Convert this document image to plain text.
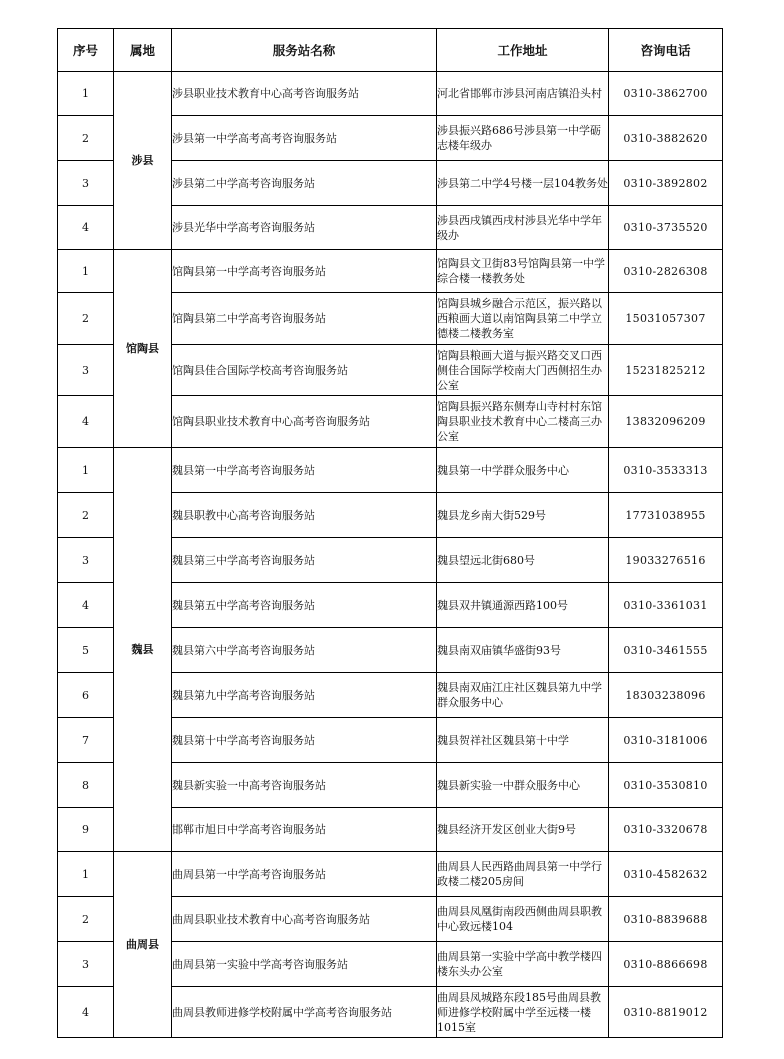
序号	属地	服务站名称	工作地址	咨询电话
1	涉县	涉县职业技术教育中心高考咨询服务站	河北省邯郸市涉县河南店镇沿头村	0310-3862700
2		涉县第一中学高考高考咨询服务站	涉县振兴路686号涉县第一中学砺志楼年级办	0310-3882620
3		涉县第二中学高考咨询服务站	涉县第二中学4号楼一层104教务处	0310-3892802
4		涉县光华中学高考咨询服务站	涉县西戌镇西戌村涉县光华中学年级办	0310-3735520
1	馆陶县	馆陶县第一中学高考咨询服务站	馆陶县文卫街83号馆陶县第一中学综合楼一楼教务处	0310-2826308
2		馆陶县第二中学高考咨询服务站	馆陶县城乡融合示范区，振兴路以西粮画大道以南馆陶县第二中学立德楼二楼教务室	15031057307
3		馆陶县佳合国际学校高考咨询服务站	馆陶县粮画大道与振兴路交叉口西侧佳合国际学校南大门西侧招生办公室	15231825212
4		馆陶县职业技术教育中心高考咨询服务站	馆陶县振兴路东侧寿山寺村村东馆陶县职业技术教育中心二楼高三办公室	13832096209
1	魏县	魏县第一中学高考咨询服务站	魏县第一中学群众服务中心	0310-3533313
2		魏县职教中心高考咨询服务站	魏县龙乡南大街529号	17731038955
3		魏县第三中学高考咨询服务站	魏县望远北街680号	19033276516
4		魏县第五中学高考咨询服务站	魏县双井镇通源西路100号	0310-3361031
5		魏县第六中学高考咨询服务站	魏县南双庙镇华盛街93号	0310-3461555
6		魏县第九中学高考咨询服务站	魏县南双庙江庄社区魏县第九中学群众服务中心	18303238096
7		魏县第十中学高考咨询服务站	魏县贺祥社区魏县第十中学	0310-3181006
8		魏县新实验一中高考咨询服务站	魏县新实验一中群众服务中心	0310-3530810
9		邯郸市旭日中学高考咨询服务站	魏县经济开发区创业大街9号	0310-3320678
1	曲周县	曲周县第一中学高考咨询服务站	曲周县人民西路曲周县第一中学行政楼二楼205房间	0310-4582632
2		曲周县职业技术教育中心高考咨询服务站	曲周县凤凰街南段西侧曲周县职教中心致远楼104	0310-8839688
3		曲周县第一实验中学高考咨询服务站	曲周县第一实验中学高中教学楼四楼东头办公室	0310-8866698
4		曲周县教师进修学校附属中学高考咨询服务站	曲周县凤城路东段185号曲周县教师进修学校附属中学至远楼一楼1015室	0310-8819012
